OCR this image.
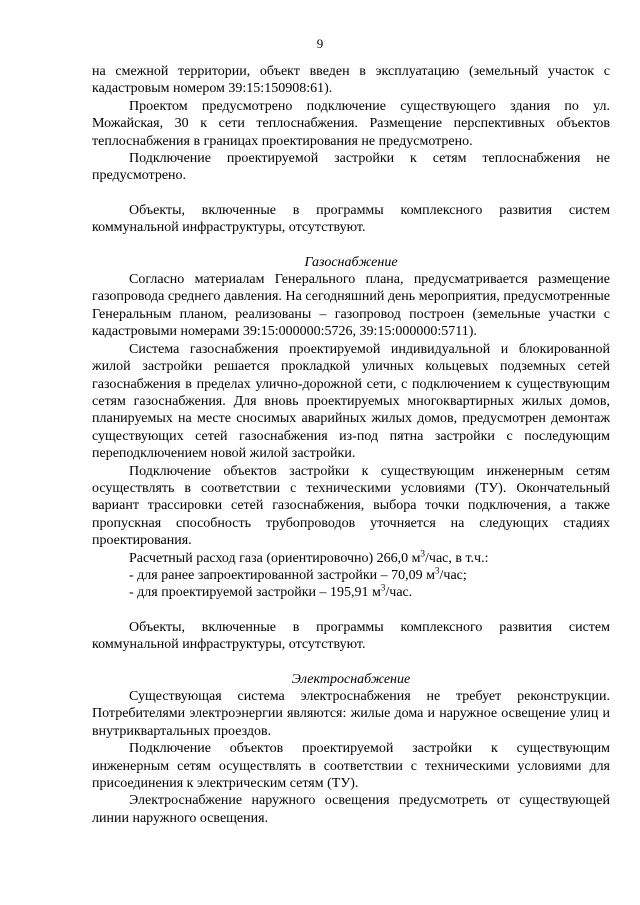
9

на смежной территории, объект введен в эксплуатацию (земельный участок с кадастровым номером 39:15:150908:61).

Проектом предусмотрено подключение существующего здания по ул. Можайская, 30 к сети теплоснабжения. Размещение перспективных объектов теплоснабжения в границах проектирования не предусмотрено.

Подключение проектируемой застройки к сетям теплоснабжения не предусмотрено.

Объекты, включенные в программы комплексного развития систем коммунальной инфраструктуры, отсутствуют.

Газоснабжение

Согласно материалам Генерального плана, предусматривается размещение газопровода среднего давления. На сегодняшний день мероприятия, предусмотренные Генеральным планом, реализованы – газопровод построен (земельные участки с кадастровыми номерами 39:15:000000:5726, 39:15:000000:5711).

Система газоснабжения проектируемой индивидуальной и блокированной жилой застройки решается прокладкой уличных кольцевых подземных сетей газоснабжения в пределах улично-дорожной сети, с подключением к существующим сетям газоснабжения. Для вновь проектируемых многоквартирных жилых домов, планируемых на месте сносимых аварийных жилых домов, предусмотрен демонтаж существующих сетей газоснабжения из-под пятна застройки с последующим переподключением новой жилой застройки.

Подключение объектов застройки к существующим инженерным сетям осуществлять в соответствии с техническими условиями (ТУ). Окончательный вариант трассировки сетей газоснабжения, выбора точки подключения, а также пропускная способность трубопроводов уточняется на следующих стадиях проектирования.

Расчетный расход газа (ориентировочно) 266,0 $м^3$/час, в т.ч.:

- для ранее запроектированной застройки – 70,09 $м^3$/час;

- для проектируемой застройки – 195,91 $м^3$/час.

Объекты, включенные в программы комплексного развития систем коммунальной инфраструктуры, отсутствуют.

Электроснабжение

Существующая система электроснабжения не требует реконструкции. Потребителями электроэнергии являются: жилые дома и наружное освещение улиц и внутриквартальных проездов.

Подключение объектов проектируемой застройки к существующим инженерным сетям осуществлять в соответствии с техническими условиями для присоединения к электрическим сетям (ТУ).

Электроснабжение наружного освещения предусмотреть от существующей линии наружного освещения.
